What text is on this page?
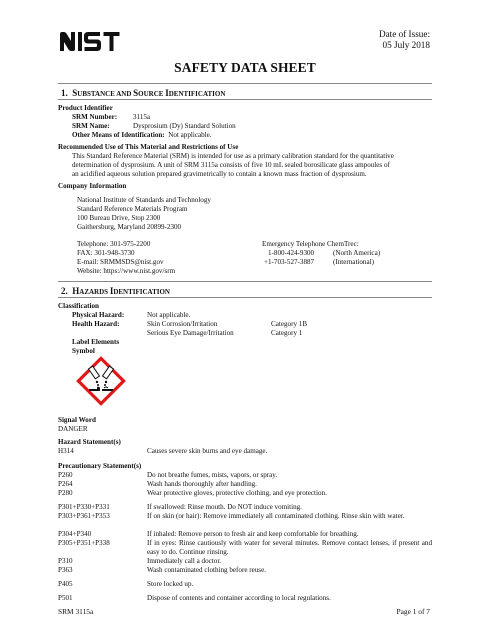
Date of Issue:
05 July 2018
SAFETY DATA SHEET
1. SUBSTANCE AND SOURCE IDENTIFICATION
Product Identifier
SRM Number: 3115a
SRM Name:	Dysprosium (Dy) Standard Solution
Other Means of Identification: Not applicable.
Recommended Use of This Material and Restrictions of Use
This Standard Reference Material (SRM) is intended for use as a primary calibration standard for the quantitative
determination of dysprosium. A unit of SRM 3115a consists of five 10 mL sealed borosilicate glass ampoules of
an acidified aqueous solution prepared gravimetrically to contain a known mass fraction of dysprosium.
Company Information
National Institute of Standards and Technology
Standard Reference Materials Program
100 Bureau Drive, Stop 2300
Gaithersburg, Maryland 20899-2300
Telephone: 301-975-2200
FAX: 301-948-3730
E-mail: SRMMSDS@nist.gov
Website: https://www.nist.gov/srm
Emergency Telephone ChemTrec:
1-800-424-9300	(North America)
+1-703-527-3887	(International)
2. HAZARDS IDENTIFICATION
Classification
Physical Hazard:	Not applicable.
Health Hazard:	Skin Corrosion/Irritation	Category 1B
Serious Eye Damage/Irritation	Category 1
Label Elements
Symbol
Signal Word
DANGER
Hazard Statement(s)
H314	Causes severe skin burns and eye damage.
Precautionary Statement(s)
P260	Do not breathe fumes, mists, vapors, or spray.
P264	Wash hands thoroughly after handling.
P280	Wear protective gloves, protective clothing, and eye protection.
P301+P330+P331	If swallowed: Rinse mouth. Do NOT induce vomiting.
P303+P361+P353	If on skin (or hair): Remove immediately all contaminated clothing. Rinse skin with water.
P304+P340	If inhaled: Remove person to fresh air and keep comfortable for breathing.
P305+P351+P338	If in eyes: Rinse cautiously with water for several minutes. Remove contact lenses, if present and easy to do. Continue rinsing.
P310	Immediately call a doctor.
P363	Wash contaminated clothing before reuse.
P405	Store locked up.
P501	Dispose of contents and container according to local regulations.
SRM 3115a	Page 1 of 7
